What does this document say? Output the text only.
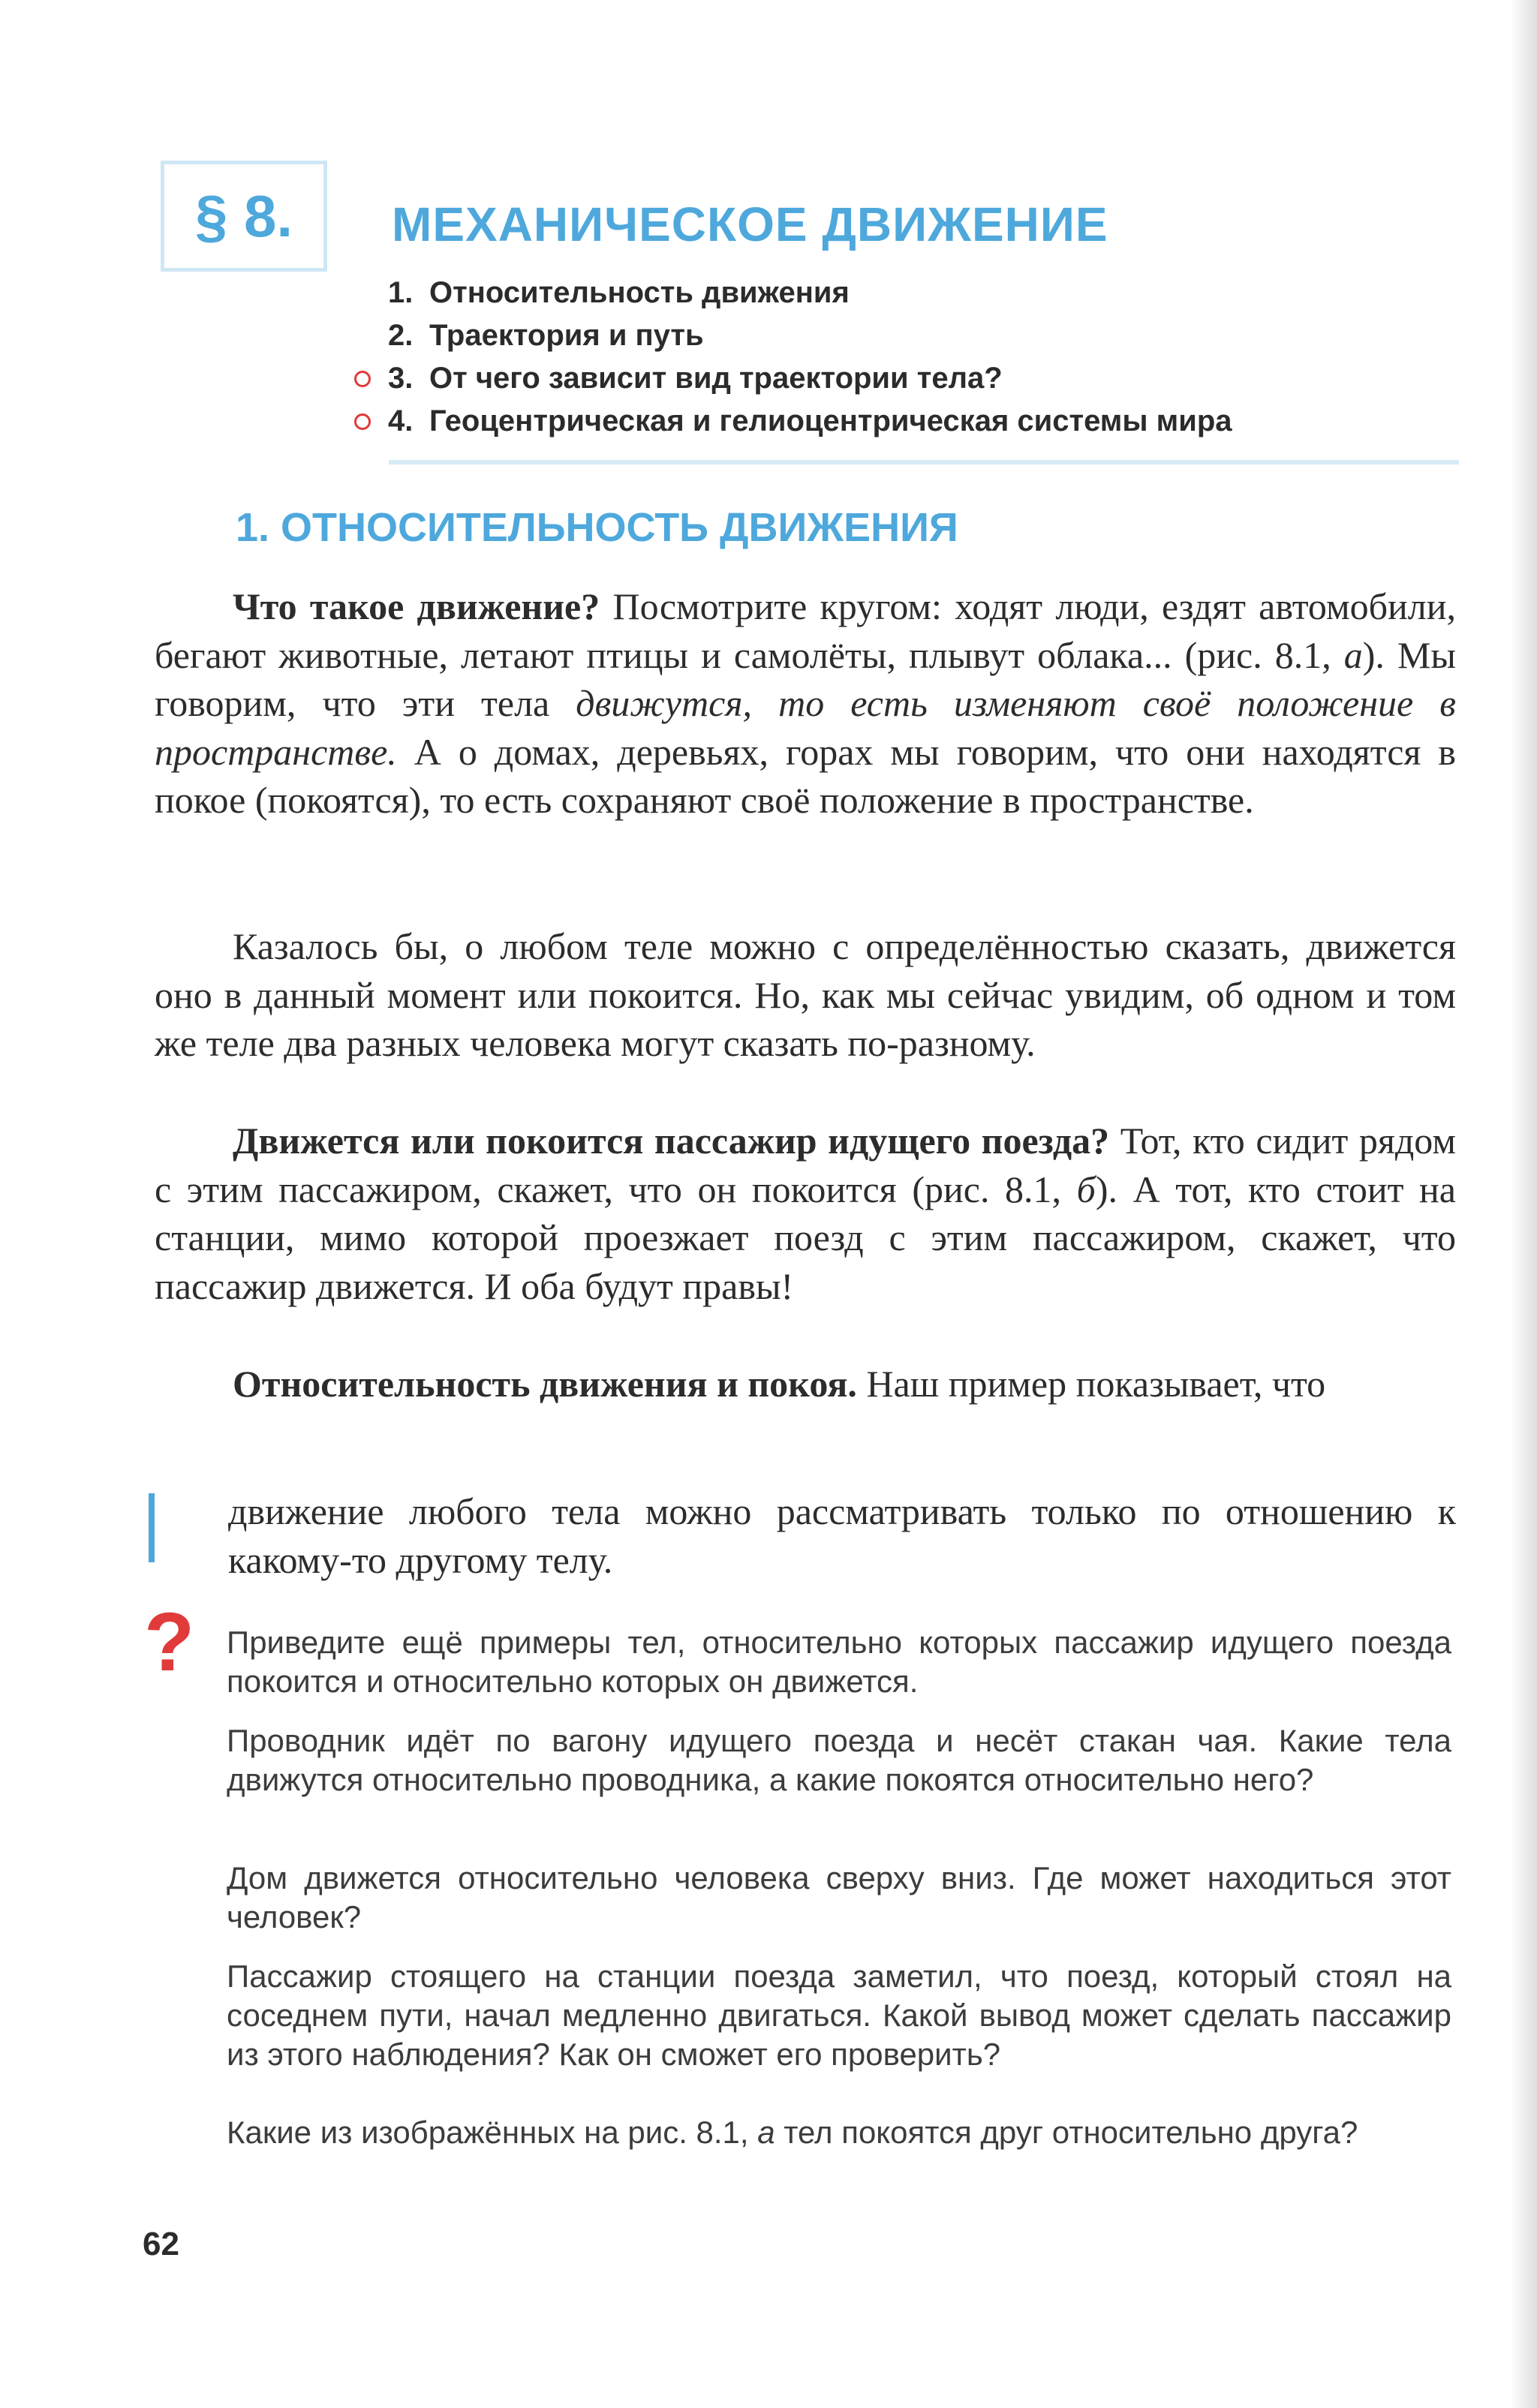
§ 8. МЕХАНИЧЕСКОЕ ДВИЖЕНИЕ
1. Относительность движения
2. Траектория и путь
3. От чего зависит вид траектории тела?
4. Геоцентрическая и гелиоцентрическая системы мира
1. ОТНОСИТЕЛЬНОСТЬ ДВИЖЕНИЯ

Что такое движение? Посмотрите кругом: ходят люди, ездят автомобили, бегают животные, летают птицы и самолёты, плывут облака... (рис. 8.1, а). Мы говорим, что эти тела движутся, то есть изменяют своё положение в пространстве. А о домах, деревьях, горах мы говорим, что они находятся в покое (покоятся), то есть сохраняют своё положение в пространстве.

Казалось бы, о любом теле можно с определённостью сказать, движется оно в данный момент или покоится. Но, как мы сейчас увидим, об одном и том же теле два разных человека могут сказать по-разному.

Движется или покоится пассажир идущего поезда? Тот, кто сидит рядом с этим пассажиром, скажет, что он покоится (рис. 8.1, б). А тот, кто стоит на станции, мимо которой проезжает поезд с этим пассажиром, скажет, что пассажир движется. И оба будут правы!

Относительность движения и покоя. Наш пример показывает, что

движение любого тела можно рассматривать только по отношению к какому-то другому телу.
? Приведите ещё примеры тел, относительно которых пассажир идущего поезда покоится и относительно которых он движется.
Проводник идёт по вагону идущего поезда и несёт стакан чая. Какие тела движутся относительно проводника, а какие покоятся относительно него?
Дом движется относительно человека сверху вниз. Где может находиться этот человек?
Пассажир стоящего на станции поезда заметил, что поезд, который стоял на соседнем пути, начал медленно двигаться. Какой вывод может сделать пассажир из этого наблюдения? Как он сможет его проверить?
Какие из изображённых на рис. 8.1, а тел покоятся друг относительно друга?
62
